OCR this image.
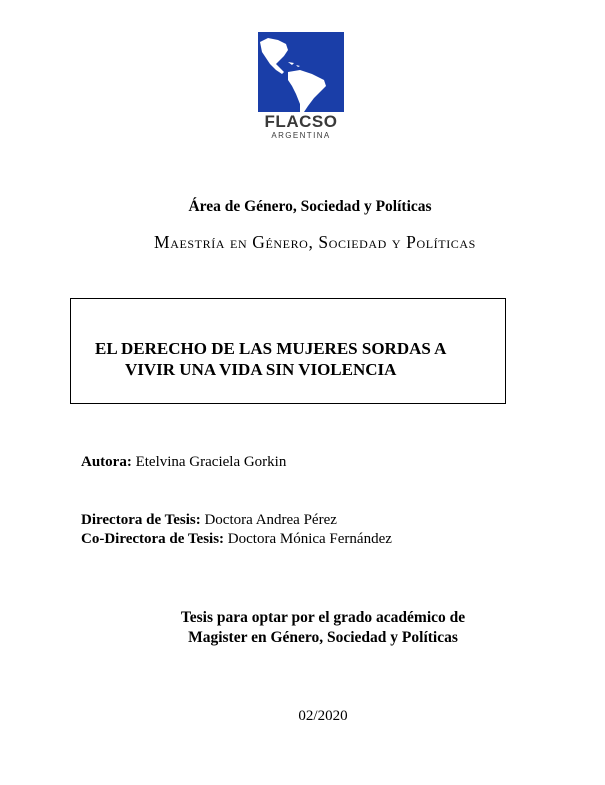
FLACSO
ARGENTINA
Área de Género, Sociedad y Políticas
Maestría en Género, Sociedad y Políticas
EL DERECHO DE LAS MUJERES SORDAS A
VIVIR UNA VIDA SIN VIOLENCIA
Autora: Etelvina Graciela Gorkin
Directora de Tesis: Doctora Andrea Pérez
Co-Directora de Tesis: Doctora Mónica Fernández
Tesis para optar por el grado académico de
Magister en Género, Sociedad y Políticas
02/2020
